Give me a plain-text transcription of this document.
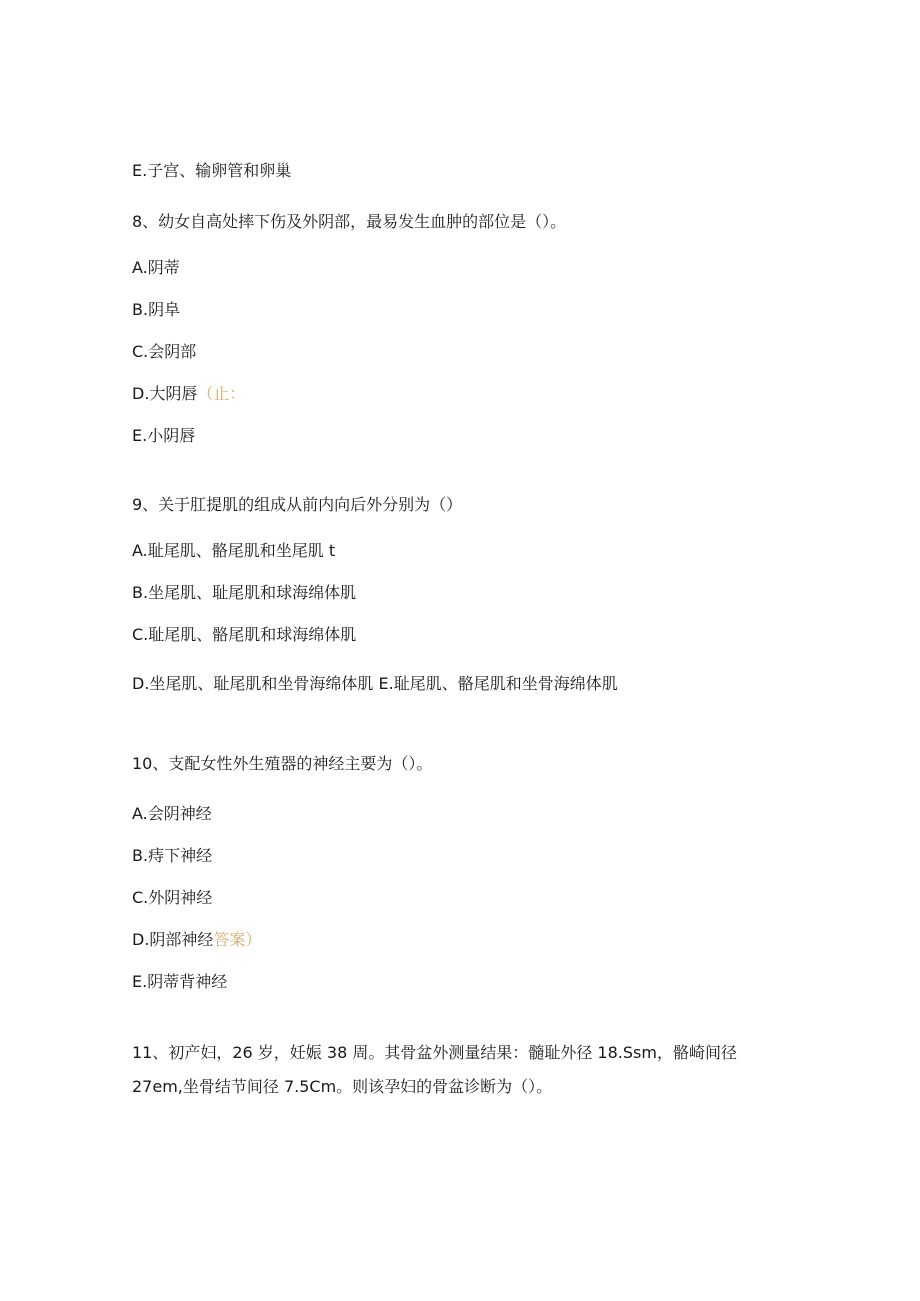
E.子宫、输卵管和卵巢
8、幼女自高处摔下伤及外阴部，最易发生血肿的部位是（）。
A.阴蒂
B.阴阜
C.会阴部
D.大阴唇（止：
E.小阴唇
9、关于肛提肌的组成从前内向后外分别为（）
A.耻尾肌、骼尾肌和坐尾肌 t
B.坐尾肌、耻尾肌和球海绵体肌
C.耻尾肌、骼尾肌和球海绵体肌
D.坐尾肌、耻尾肌和坐骨海绵体肌 E.耻尾肌、骼尾肌和坐骨海绵体肌
10、支配女性外生殖器的神经主要为（）。
A.会阴神经
B.痔下神经
C.外阴神经
D.阴部神经答案）
E.阴蒂背神经
11、初产妇，26 岁，妊娠 38 周。其骨盆外测量结果：髓耻外径 18.Ssm，骼崎间径
27em,坐骨结节间径 7.5Cm。则该孕妇的骨盆诊断为（）。
